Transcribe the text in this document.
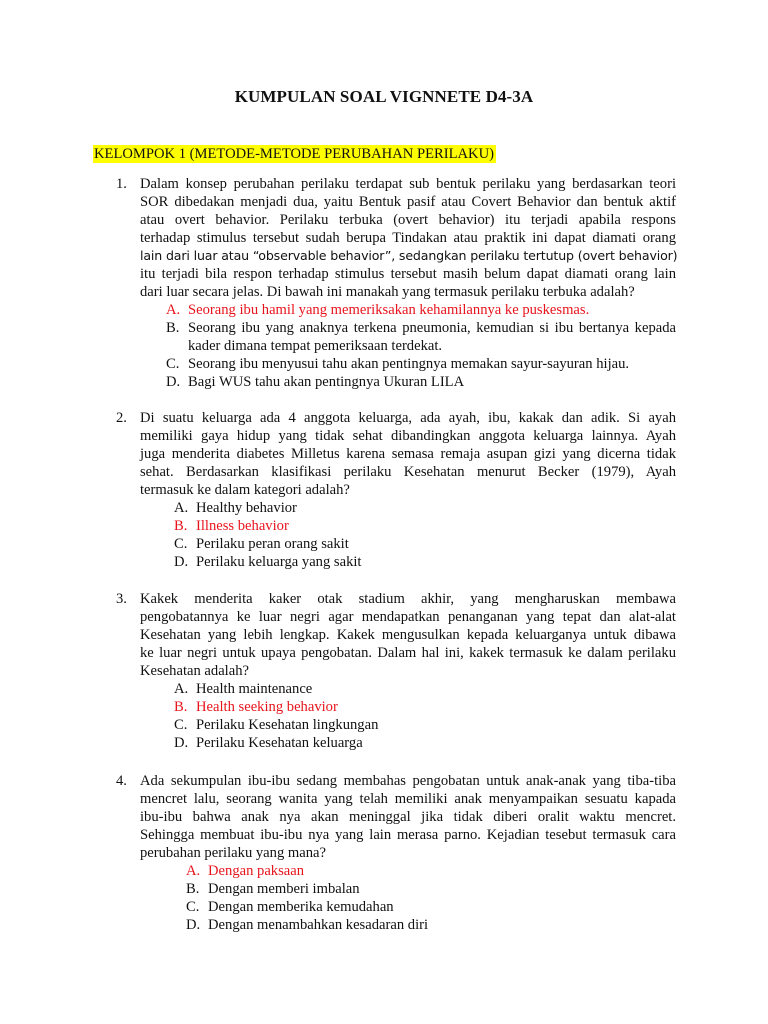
KUMPULAN SOAL VIGNNETE D4-3A
KELOMPOK 1 (METODE-METODE PERUBAHAN PERILAKU)
1. Dalam konsep perubahan perilaku terdapat sub bentuk perilaku yang berdasarkan teori
SOR dibedakan menjadi dua, yaitu Bentuk pasif atau Covert Behavior dan bentuk aktif
atau overt behavior. Perilaku terbuka (overt behavior) itu terjadi apabila respons
terhadap stimulus tersebut sudah berupa Tindakan atau praktik ini dapat diamati orang
lain dari luar atau “observable behavior”, sedangkan perilaku tertutup (overt behavior)
itu terjadi bila respon terhadap stimulus tersebut masih belum dapat diamati orang lain
dari luar secara jelas. Di bawah ini manakah yang termasuk perilaku terbuka adalah?
A. Seorang ibu hamil yang memeriksakan kehamilannya ke puskesmas.
B. Seorang ibu yang anaknya terkena pneumonia, kemudian si ibu bertanya kepada kader dimana tempat pemeriksaan terdekat.
C. Seorang ibu menyusui tahu akan pentingnya memakan sayur-sayuran hijau.
D. Bagi WUS tahu akan pentingnya Ukuran LILA
2. Di suatu keluarga ada 4 anggota keluarga, ada ayah, ibu, kakak dan adik. Si ayah
memiliki gaya hidup yang tidak sehat dibandingkan anggota keluarga lainnya. Ayah
juga menderita diabetes Milletus karena semasa remaja asupan gizi yang dicerna tidak
sehat. Berdasarkan klasifikasi perilaku Kesehatan menurut Becker (1979), Ayah
termasuk ke dalam kategori adalah?
A. Healthy behavior
B. Illness behavior
C. Perilaku peran orang sakit
D. Perilaku keluarga yang sakit
3. Kakek menderita kaker otak stadium akhir, yang mengharuskan membawa
pengobatannya ke luar negri agar mendapatkan penanganan yang tepat dan alat-alat
Kesehatan yang lebih lengkap. Kakek mengusulkan kepada keluarganya untuk dibawa
ke luar negri untuk upaya pengobatan. Dalam hal ini, kakek termasuk ke dalam perilaku
Kesehatan adalah?
A. Health maintenance
B. Health seeking behavior
C. Perilaku Kesehatan lingkungan
D. Perilaku Kesehatan keluarga
4. Ada sekumpulan ibu-ibu sedang membahas pengobatan untuk anak-anak yang tiba-tiba
mencret lalu, seorang wanita yang telah memiliki anak menyampaikan sesuatu kapada
ibu-ibu bahwa anak nya akan meninggal jika tidak diberi oralit waktu mencret.
Sehingga membuat ibu-ibu nya yang lain merasa parno. Kejadian tesebut termasuk cara
perubahan perilaku yang mana?
A. Dengan paksaan
B. Dengan memberi imbalan
C. Dengan memberika kemudahan
D. Dengan menambahkan kesadaran diri
